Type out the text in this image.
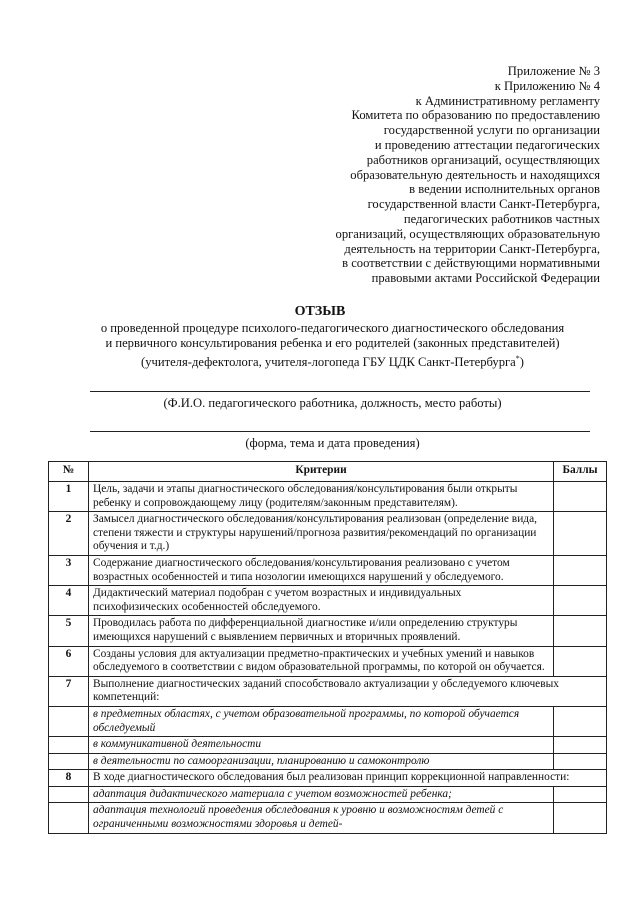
Приложение № 3
к Приложению № 4
к Административному регламенту
Комитета по образованию по предоставлению
государственной услуги по организации
и проведению аттестации педагогических
работников организаций, осуществляющих
образовательную деятельность и находящихся
в ведении исполнительных органов
государственной власти Санкт-Петербурга,
педагогических работников частных
организаций, осуществляющих образовательную
деятельность на территории Санкт-Петербурга,
в соответствии с действующими нормативными
правовыми актами Российской Федерации
ОТЗЫВ
о проведенной процедуре психолого-педагогического диагностического обследования
и первичного консультирования ребенка и его родителей (законных представителей)
(учителя-дефектолога, учителя-логопеда ГБУ ЦДК Санкт-Петербурга*)
(Ф.И.О. педагогического работника, должность, место работы)
(форма, тема и дата проведения)
№	Критерии	Баллы
1	Цель, задачи и этапы диагностического обследования/консультирования были открыты ребенку и сопровождающему лицу (родителям/законным представителям).	
2	Замысел диагностического обследования/консультирования реализован (определение вида, степени тяжести и структуры нарушений/прогноза развития/рекомендаций по организации обучения и т.д.)	
3	Содержание диагностического обследования/консультирования реализовано с учетом возрастных особенностей и типа нозологии имеющихся нарушений у обследуемого.	
4	Дидактический материал подобран с учетом возрастных и индивидуальных психофизических особенностей обследуемого.	
5	Проводилась работа по дифференциальной диагностике и/или определению структуры имеющихся нарушений с выявлением первичных и вторичных проявлений.	
6	Созданы условия для актуализации предметно-практических и учебных умений и навыков обследуемого в соответствии с видом образовательной программы, по которой он обучается.	
7	Выполнение диагностических заданий способствовало актуализации у обследуемого ключевых компетенций:	
	в предметных областях, с учетом образовательной программы, по которой обучается обследуемый	
	в коммуникативной деятельности	
	в деятельности по самоорганизации, планированию и самоконтролю	
8	В ходе диагностического обследования был реализован принцип коррекционной направленности:	
	адаптация дидактического материала с учетом возможностей ребенка;	
	адаптация технологий проведения обследования к уровню и возможностям детей с ограниченными возможностями здоровья и детей-	
